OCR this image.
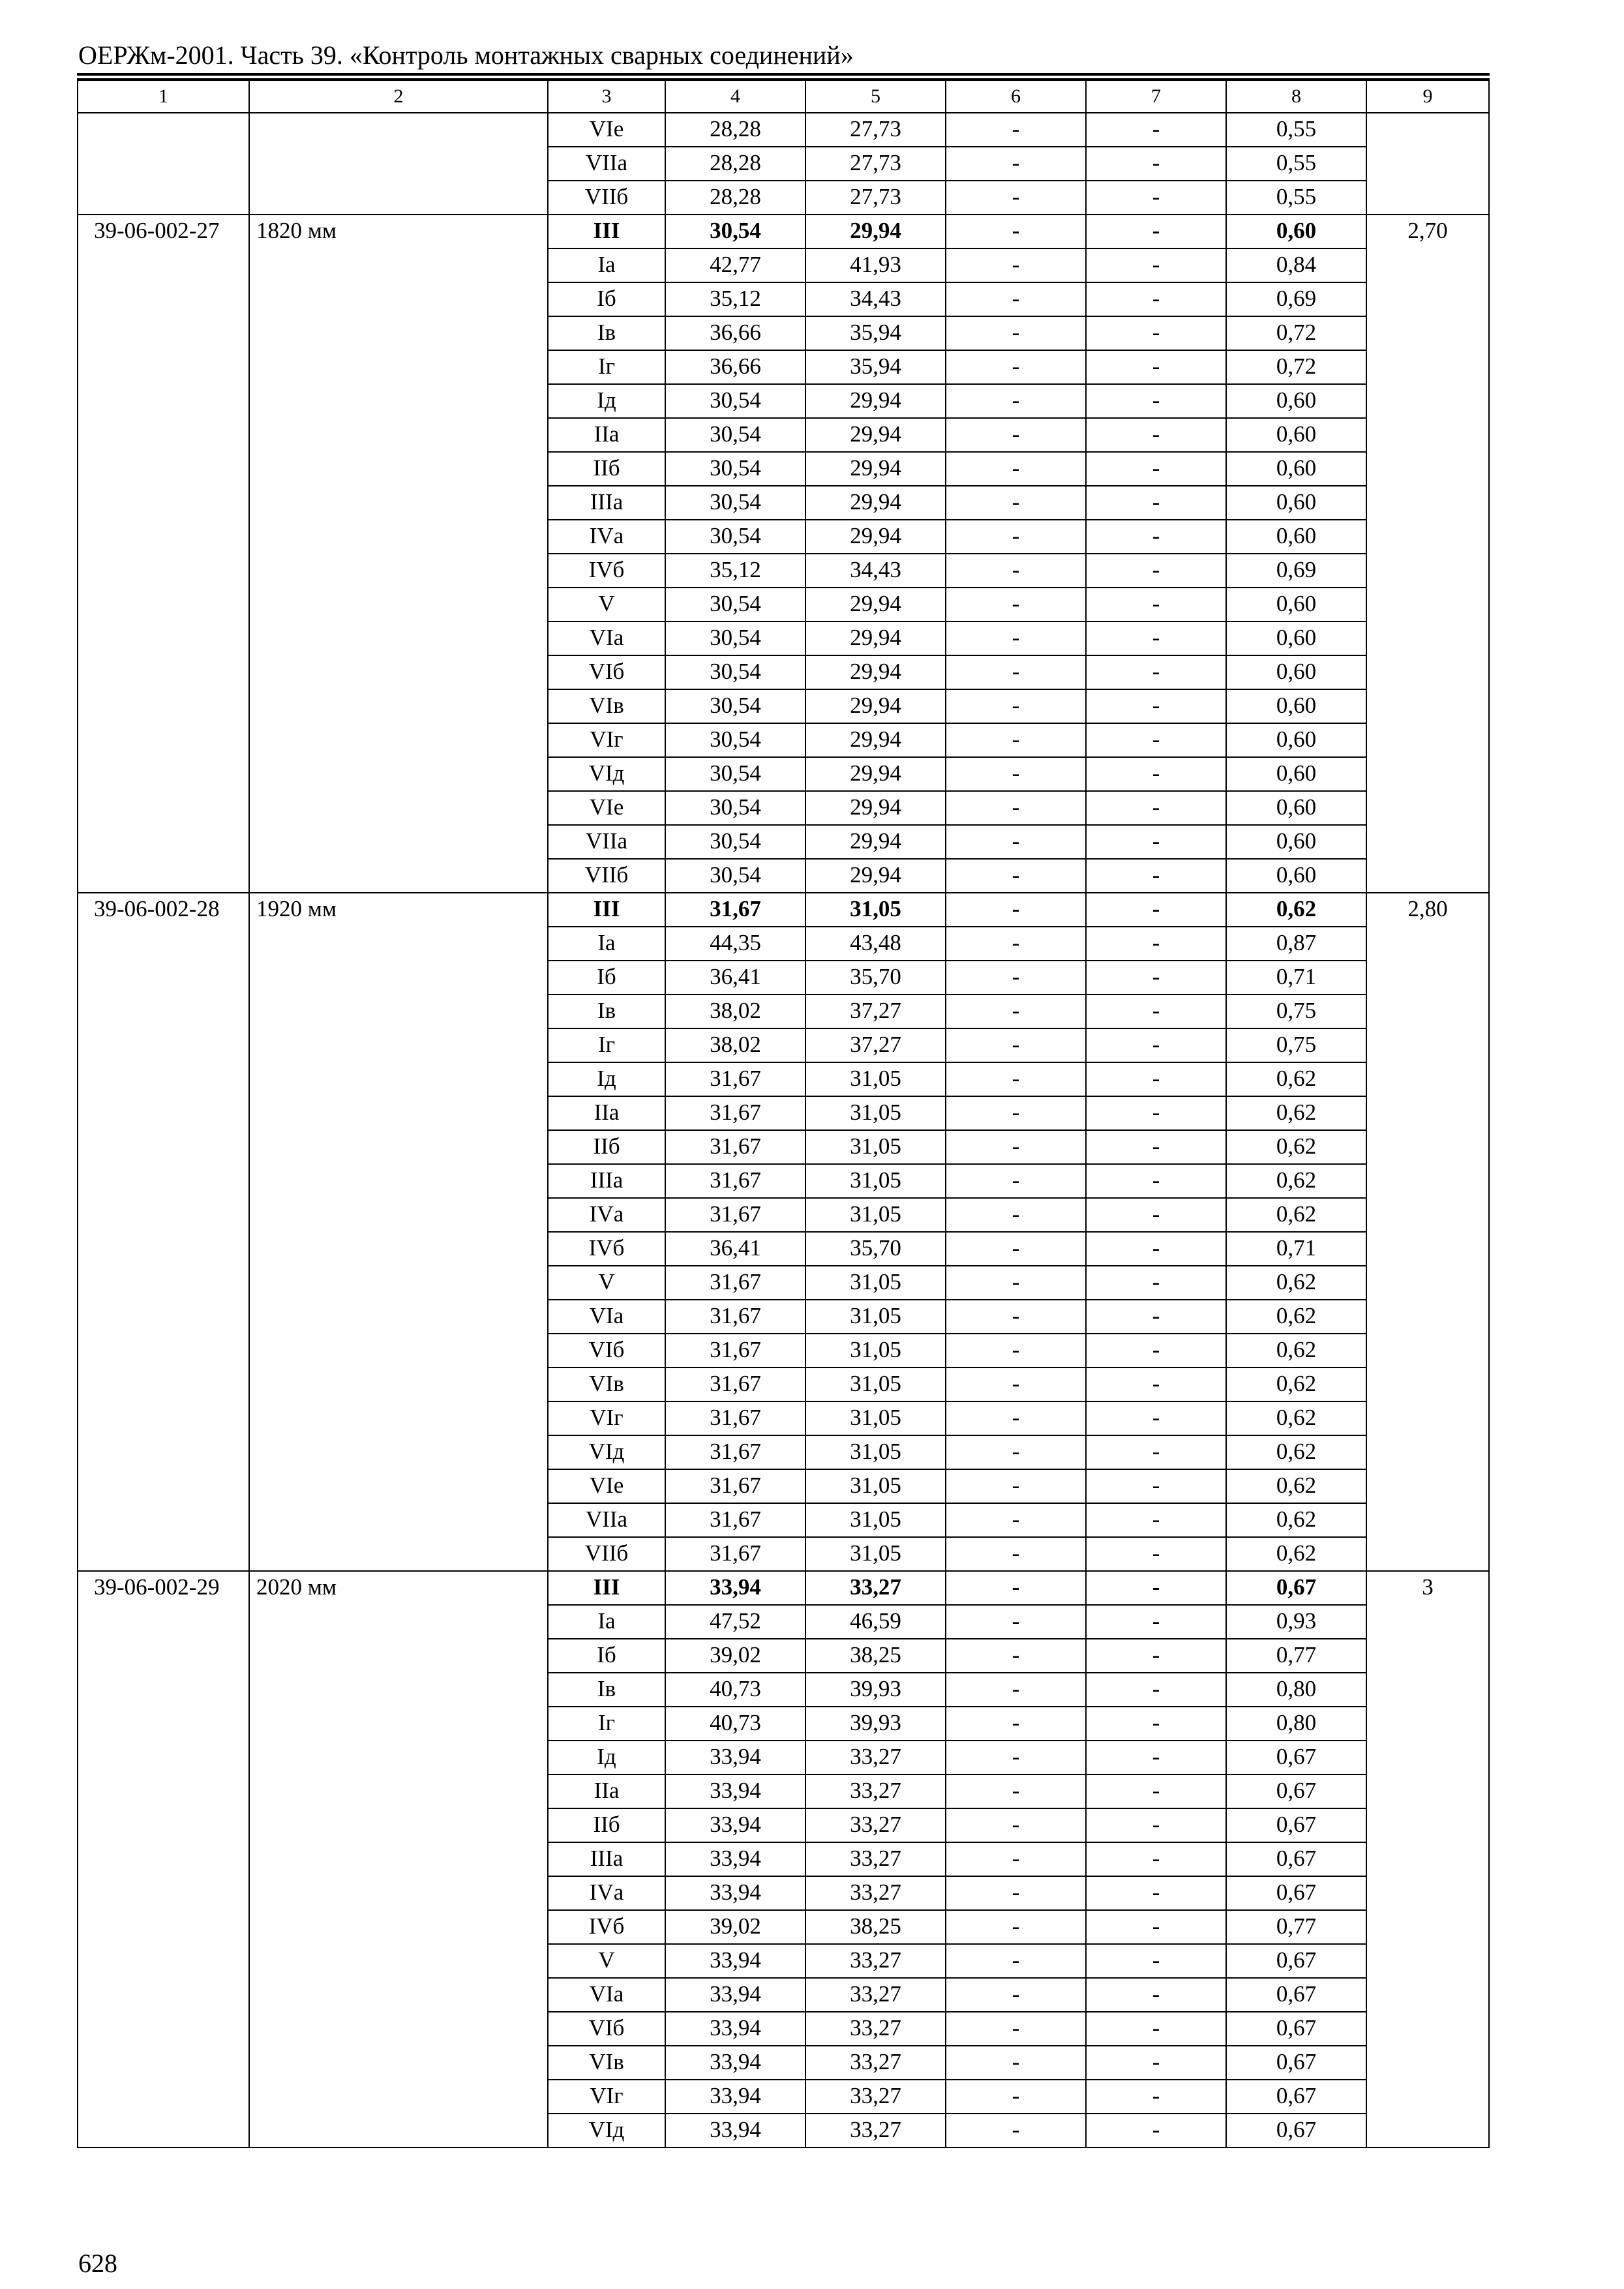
ОЕРЖм-2001. Часть 39. «Контроль монтажных сварных соединений»
1	2	3	4	5	6	7	8	9
		VIе	28,28	27,73	-	-	0,55	
		VIIа	28,28	27,73	-	-	0,55	
		VIIб	28,28	27,73	-	-	0,55	
39-06-002-27	1820 мм	III	30,54	29,94	-	-	0,60	2,70
		Iа	42,77	41,93	-	-	0,84	
		Iб	35,12	34,43	-	-	0,69	
		Iв	36,66	35,94	-	-	0,72	
		Iг	36,66	35,94	-	-	0,72	
		Iд	30,54	29,94	-	-	0,60	
		IIа	30,54	29,94	-	-	0,60	
		IIб	30,54	29,94	-	-	0,60	
		IIIа	30,54	29,94	-	-	0,60	
		IVа	30,54	29,94	-	-	0,60	
		IVб	35,12	34,43	-	-	0,69	
		V	30,54	29,94	-	-	0,60	
		VIа	30,54	29,94	-	-	0,60	
		VIб	30,54	29,94	-	-	0,60	
		VIв	30,54	29,94	-	-	0,60	
		VIг	30,54	29,94	-	-	0,60	
		VIд	30,54	29,94	-	-	0,60	
		VIе	30,54	29,94	-	-	0,60	
		VIIа	30,54	29,94	-	-	0,60	
		VIIб	30,54	29,94	-	-	0,60	
39-06-002-28	1920 мм	III	31,67	31,05	-	-	0,62	2,80
		Iа	44,35	43,48	-	-	0,87	
		Iб	36,41	35,70	-	-	0,71	
		Iв	38,02	37,27	-	-	0,75	
		Iг	38,02	37,27	-	-	0,75	
		Iд	31,67	31,05	-	-	0,62	
		IIа	31,67	31,05	-	-	0,62	
		IIб	31,67	31,05	-	-	0,62	
		IIIа	31,67	31,05	-	-	0,62	
		IVа	31,67	31,05	-	-	0,62	
		IVб	36,41	35,70	-	-	0,71	
		V	31,67	31,05	-	-	0,62	
		VIа	31,67	31,05	-	-	0,62	
		VIб	31,67	31,05	-	-	0,62	
		VIв	31,67	31,05	-	-	0,62	
		VIг	31,67	31,05	-	-	0,62	
		VIд	31,67	31,05	-	-	0,62	
		VIе	31,67	31,05	-	-	0,62	
		VIIа	31,67	31,05	-	-	0,62	
		VIIб	31,67	31,05	-	-	0,62	
39-06-002-29	2020 мм	III	33,94	33,27	-	-	0,67	3
		Iа	47,52	46,59	-	-	0,93	
		Iб	39,02	38,25	-	-	0,77	
		Iв	40,73	39,93	-	-	0,80	
		Iг	40,73	39,93	-	-	0,80	
		Iд	33,94	33,27	-	-	0,67	
		IIа	33,94	33,27	-	-	0,67	
		IIб	33,94	33,27	-	-	0,67	
		IIIа	33,94	33,27	-	-	0,67	
		IVа	33,94	33,27	-	-	0,67	
		IVб	39,02	38,25	-	-	0,77	
		V	33,94	33,27	-	-	0,67	
		VIа	33,94	33,27	-	-	0,67	
		VIб	33,94	33,27	-	-	0,67	
		VIв	33,94	33,27	-	-	0,67	
		VIг	33,94	33,27	-	-	0,67	
		VIд	33,94	33,27	-	-	0,67	
628
